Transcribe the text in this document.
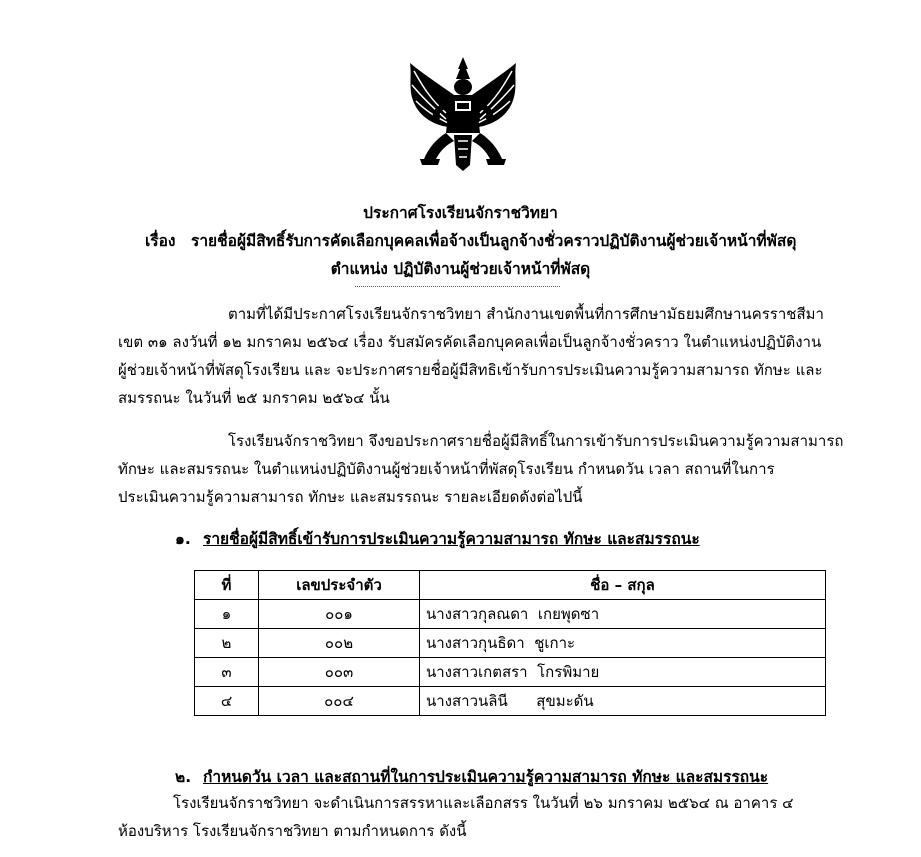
ประกาศโรงเรียนจักราชวิทยา
เรื่อง รายชื่อผู้มีสิทธิ์รับการคัดเลือกบุคคลเพื่อจ้างเป็นลูกจ้างชั่วคราวปฏิบัติงานผู้ช่วยเจ้าหน้าที่พัสดุ
ตำแหน่ง ปฏิบัติงานผู้ช่วยเจ้าหน้าที่พัสดุ
ตามที่ได้มีประกาศโรงเรียนจักราชวิทยา สำนักงานเขตพื้นที่การศึกษามัธยมศึกษานครราชสีมา
เขต ๓๑ ลงวันที่ ๑๒ มกราคม ๒๕๖๔ เรื่อง รับสมัครคัดเลือกบุคคลเพื่อเป็นลูกจ้างชั่วคราว ในตำแหน่งปฏิบัติงาน
ผู้ช่วยเจ้าหน้าที่พัสดุโรงเรียน และ จะประกาศรายชื่อผู้มีสิทธิเข้ารับการประเมินความรู้ความสามารถ ทักษะ และ
สมรรถนะ ในวันที่ ๒๕ มกราคม ๒๕๖๔ นั้น
โรงเรียนจักราชวิทยา จึงขอประกาศรายชื่อผู้มีสิทธิ์ในการเข้ารับการประเมินความรู้ความสามารถ
ทักษะ และสมรรถนะ ในตำแหน่งปฏิบัติงานผู้ช่วยเจ้าหน้าที่พัสดุโรงเรียน กำหนดวัน เวลา สถานที่ในการ
ประเมินความรู้ความสามารถ ทักษะ และสมรรถนะ รายละเอียดดังต่อไปนี้
๑. รายชื่อผู้มีสิทธิ์เข้ารับการประเมินความรู้ความสามารถ ทักษะ และสมรรถนะ
ที่	เลขประจำตัว	ชื่อ – สกุล
๑	๐๐๑	นางสาวกุลณดา  เกยพุดซา
๒	๐๐๒	นางสาวกุนธิดา  ชูเกาะ
๓	๐๐๓	นางสาวเกตสรา  โกรพิมาย
๔	๐๐๔	นางสาวนลินี      สุขมะดัน
๒. กำหนดวัน เวลา และสถานที่ในการประเมินความรู้ความสามารถ ทักษะ และสมรรถนะ
โรงเรียนจักราชวิทยา จะดำเนินการสรรหาและเลือกสรร ในวันที่ ๒๖ มกราคม ๒๕๖๔ ณ อาคาร ๔
ห้องบริหาร โรงเรียนจักราชวิทยา ตามกำหนดการ ดังนี้
